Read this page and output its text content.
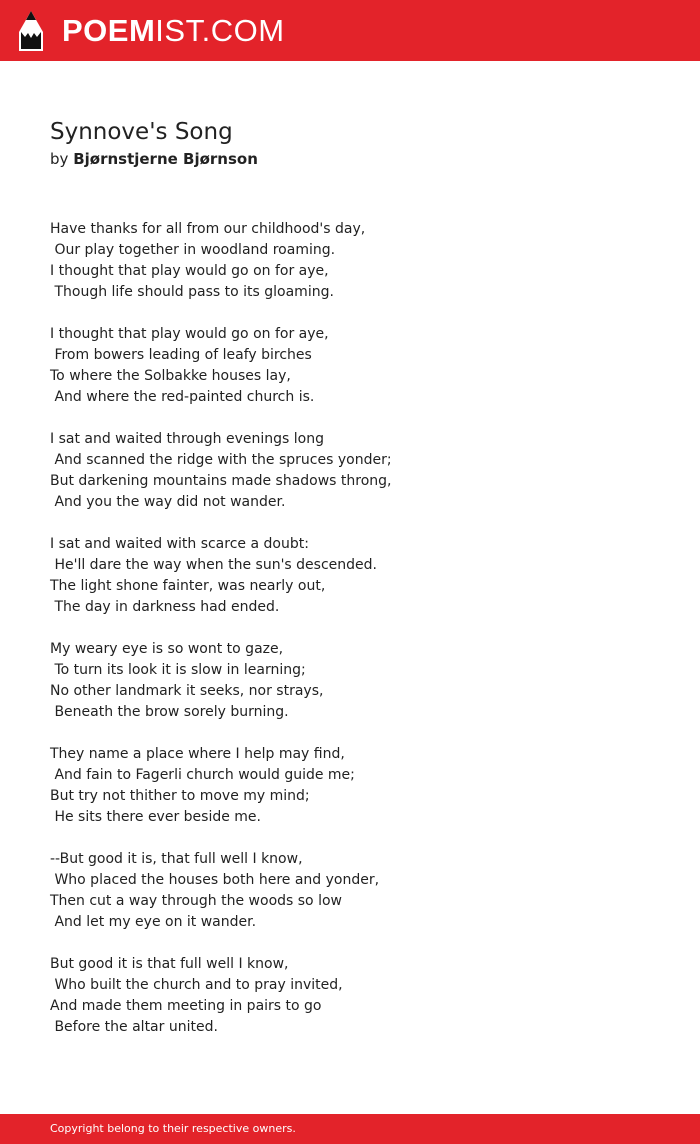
POEMIST.COM
Synnove's Song
by Bjørnstjerne Bjørnson
Have thanks for all from our childhood's day,
Our play together in woodland roaming.
I thought that play would go on for aye,
Though life should pass to its gloaming.
I thought that play would go on for aye,
From bowers leading of leafy birches
To where the Solbakke houses lay,
And where the red-painted church is.
I sat and waited through evenings long
And scanned the ridge with the spruces yonder;
But darkening mountains made shadows throng,
And you the way did not wander.
I sat and waited with scarce a doubt:
He'll dare the way when the sun's descended.
The light shone fainter, was nearly out,
The day in darkness had ended.
My weary eye is so wont to gaze,
To turn its look it is slow in learning;
No other landmark it seeks, nor strays,
Beneath the brow sorely burning.
They name a place where I help may find,
And fain to Fagerli church would guide me;
But try not thither to move my mind;
He sits there ever beside me.
--But good it is, that full well I know,
Who placed the houses both here and yonder,
Then cut a way through the woods so low
And let my eye on it wander.
But good it is that full well I know,
Who built the church and to pray invited,
And made them meeting in pairs to go
Before the altar united.
Copyright belong to their respective owners.
